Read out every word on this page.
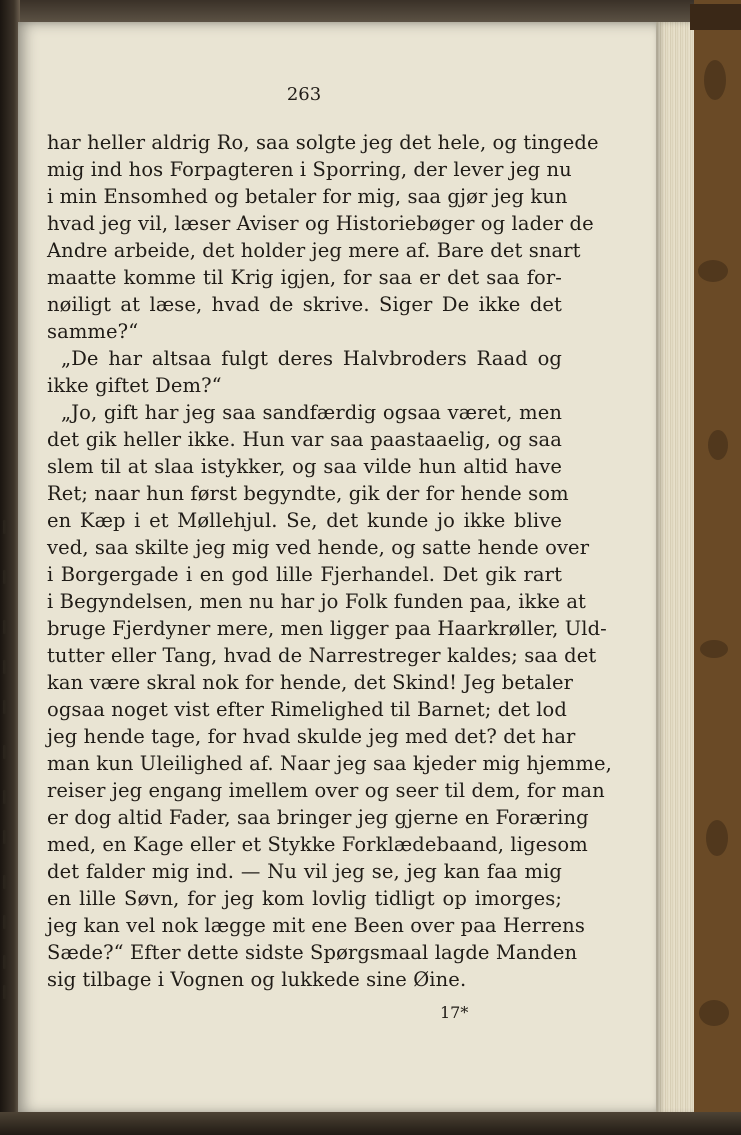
263
har heller aldrig Ro, saa solgte jeg det hele, og tingede
mig ind hos Forpagteren i Sporring, der lever jeg nu
i min Ensomhed og betaler for mig, saa gjør jeg kun
hvad jeg vil, læser Aviser og Historiebøger og lader de
Andre arbeide, det holder jeg mere af. Bare det snart
maatte komme til Krig igjen, for saa er det saa for-
nøiligt at læse, hvad de skrive. Siger De ikke det
samme?“
„De har altsaa fulgt deres Halvbroders Raad og
ikke giftet Dem?“
„Jo, gift har jeg saa sandfærdig ogsaa været, men
det gik heller ikke. Hun var saa paastaaelig, og saa
slem til at slaa istykker, og saa vilde hun altid have
Ret; naar hun først begyndte, gik der for hende som
en Kæp i et Møllehjul. Se, det kunde jo ikke blive
ved, saa skilte jeg mig ved hende, og satte hende over
i Borgergade i en god lille Fjerhandel. Det gik rart
i Begyndelsen, men nu har jo Folk funden paa, ikke at
bruge Fjerdyner mere, men ligger paa Haarkrøller, Uld-
tutter eller Tang, hvad de Narrestreger kaldes; saa det
kan være skral nok for hende, det Skind! Jeg betaler
ogsaa noget vist efter Rimelighed til Barnet; det lod
jeg hende tage, for hvad skulde jeg med det? det har
man kun Uleilighed af. Naar jeg saa kjeder mig hjemme,
reiser jeg engang imellem over og seer til dem, for man
er dog altid Fader, saa bringer jeg gjerne en Foræring
med, en Kage eller et Stykke Forklædebaand, ligesom
det falder mig ind. — Nu vil jeg se, jeg kan faa mig
en lille Søvn, for jeg kom lovlig tidligt op imorges;
jeg kan vel nok lægge mit ene Been over paa Herrens
Sæde?“ Efter dette sidste Spørgsmaal lagde Manden
sig tilbage i Vognen og lukkede sine Øine.
17*
